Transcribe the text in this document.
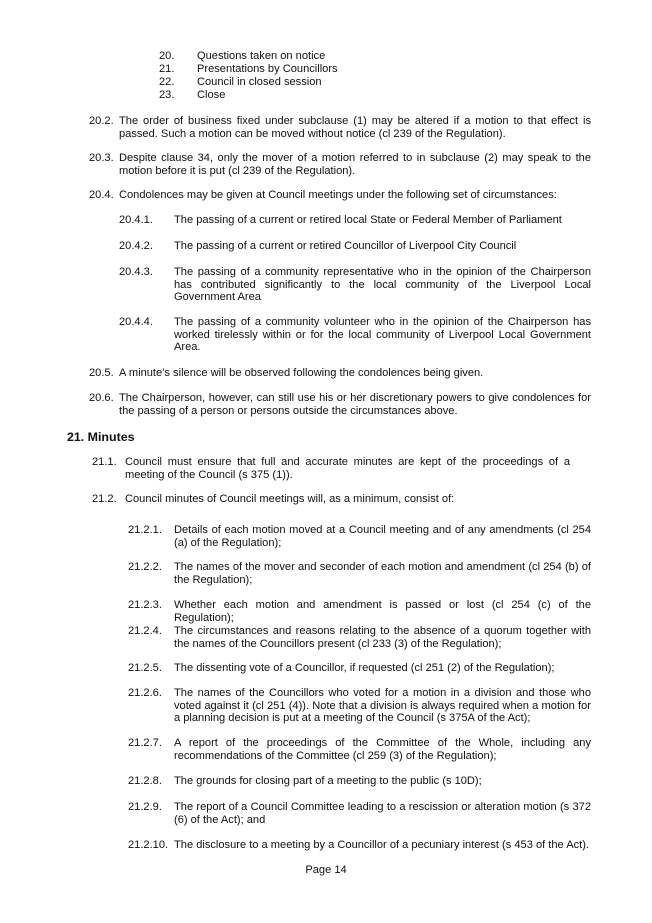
20. Questions taken on notice
21. Presentations by Councillors
22. Council in closed session
23. Close
20.2. The order of business fixed under subclause (1) may be altered if a motion to that effect is passed. Such a motion can be moved without notice (cl 239 of the Regulation).
20.3. Despite clause 34, only the mover of a motion referred to in subclause (2) may speak to the motion before it is put (cl 239 of the Regulation).
20.4. Condolences may be given at Council meetings under the following set of circumstances:
20.4.1. The passing of a current or retired local State or Federal Member of Parliament
20.4.2. The passing of a current or retired Councillor of Liverpool City Council
20.4.3. The passing of a community representative who in the opinion of the Chairperson has contributed significantly to the local community of the Liverpool Local Government Area
20.4.4. The passing of a community volunteer who in the opinion of the Chairperson has worked tirelessly within or for the local community of Liverpool Local Government Area.
20.5. A minute’s silence will be observed following the condolences being given.
20.6. The Chairperson, however, can still use his or her discretionary powers to give condolences for the passing of a person or persons outside the circumstances above.
21. Minutes
21.1. Council must ensure that full and accurate minutes are kept of the proceedings of a meeting of the Council (s 375 (1)).
21.2. Council minutes of Council meetings will, as a minimum, consist of:
21.2.1. Details of each motion moved at a Council meeting and of any amendments (cl 254 (a) of the Regulation);
21.2.2. The names of the mover and seconder of each motion and amendment (cl 254 (b) of the Regulation);
21.2.3. Whether each motion and amendment is passed or lost (cl 254 (c) of the Regulation);
21.2.4. The circumstances and reasons relating to the absence of a quorum together with the names of the Councillors present (cl 233 (3) of the Regulation);
21.2.5. The dissenting vote of a Councillor, if requested (cl 251 (2) of the Regulation);
21.2.6. The names of the Councillors who voted for a motion in a division and those who voted against it (cl 251 (4)). Note that a division is always required when a motion for a planning decision is put at a meeting of the Council (s 375A of the Act);
21.2.7. A report of the proceedings of the Committee of the Whole, including any recommendations of the Committee (cl 259 (3) of the Regulation);
21.2.8. The grounds for closing part of a meeting to the public (s 10D);
21.2.9. The report of a Council Committee leading to a rescission or alteration motion (s 372 (6) of the Act); and
21.2.10. The disclosure to a meeting by a Councillor of a pecuniary interest (s 453 of the Act).
Page 14
